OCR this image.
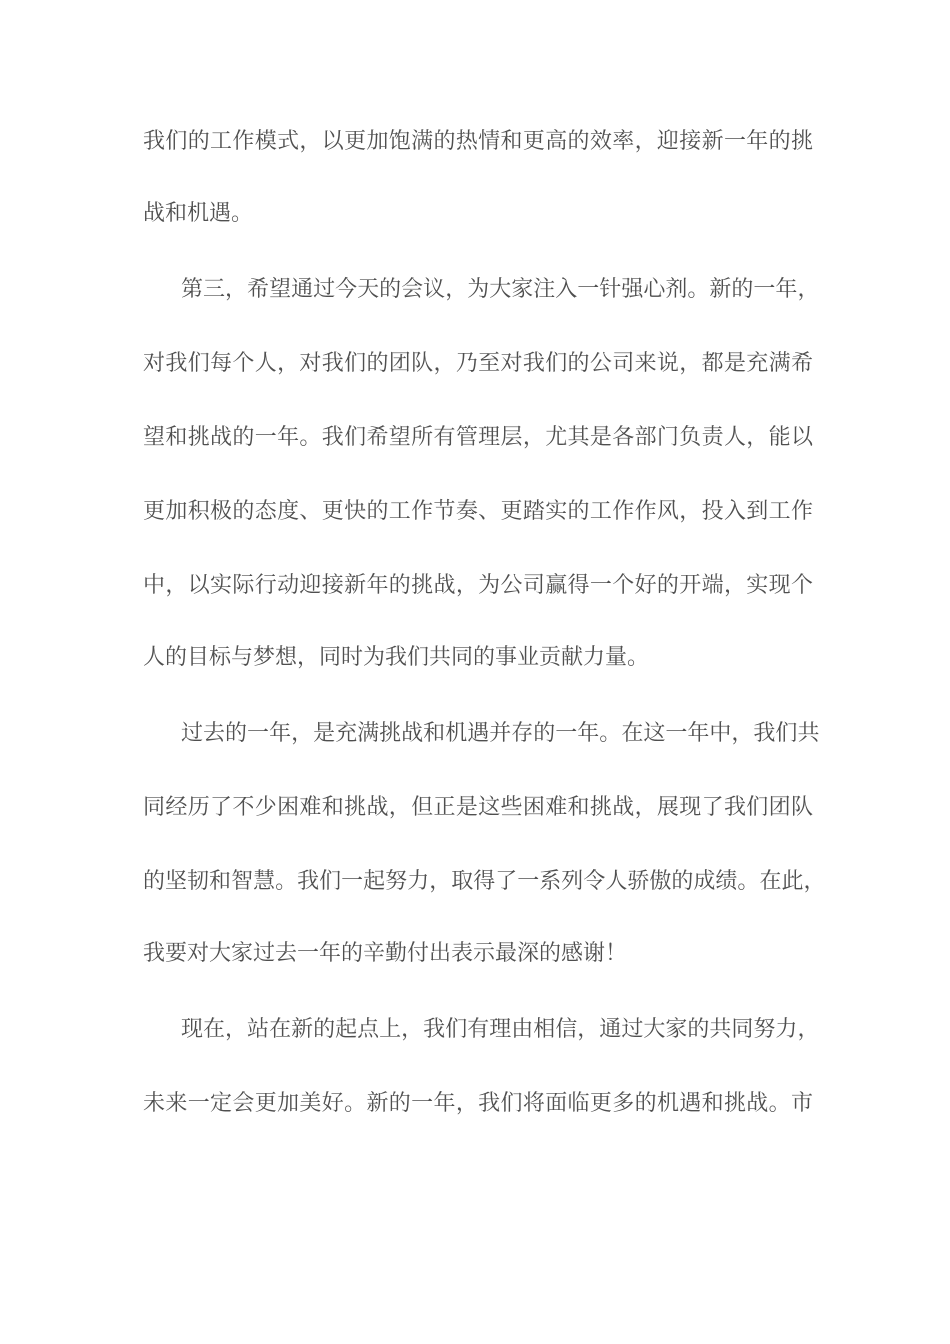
我 们 的 工 作 模 式 ， 以 更 加 饱 满 的 热 情 和 更 高 的 效 率 ， 迎 接 新 一 年 的 挑
战和机遇。
第 三 ， 希 望 通 过 今 天 的 会 议 ， 为 大 家 注 入 一 针 强 心 剂 。 新 的 一 年 ，
对 我 们 每 个 人 ， 对 我 们 的 团 队 ， 乃 至 对 我 们 的 公 司 来 说 ， 都 是 充 满 希
望 和 挑 战 的 一 年 。 我 们 希 望 所 有 管 理 层 ， 尤 其 是 各 部 门 负 责 人 ， 能 以
更 加 积 极 的 态 度 、 更 快 的 工 作 节 奏 、 更 踏 实 的 工 作 作 风 ， 投 入 到 工 作
中 ， 以 实 际 行 动 迎 接 新 年 的 挑 战 ， 为 公 司 赢 得 一 个 好 的 开 端 ， 实 现 个
人的目标与梦想，同时为我们共同的事业贡献力量。
过 去 的 一 年 ， 是 充 满 挑 战 和 机 遇 并 存 的 一 年 。 在 这 一 年 中 ， 我 们 共
同 经 历 了 不 少 困 难 和 挑 战 ， 但 正 是 这 些 困 难 和 挑 战 ， 展 现 了 我 们 团 队
的 坚 韧 和 智 慧 。 我 们 一 起 努 力 ， 取 得 了 一 系 列 令 人 骄 傲 的 成 绩 。 在 此 ，
我要对大家过去一年的辛勤付出表示最深的感谢！
现 在 ， 站 在 新 的 起 点 上 ， 我 们 有 理 由 相 信 ， 通 过 大 家 的 共 同 努 力 ，
未 来 一 定 会 更 加 美 好 。 新 的 一 年 ， 我 们 将 面 临 更 多 的 机 遇 和 挑 战 。 市
